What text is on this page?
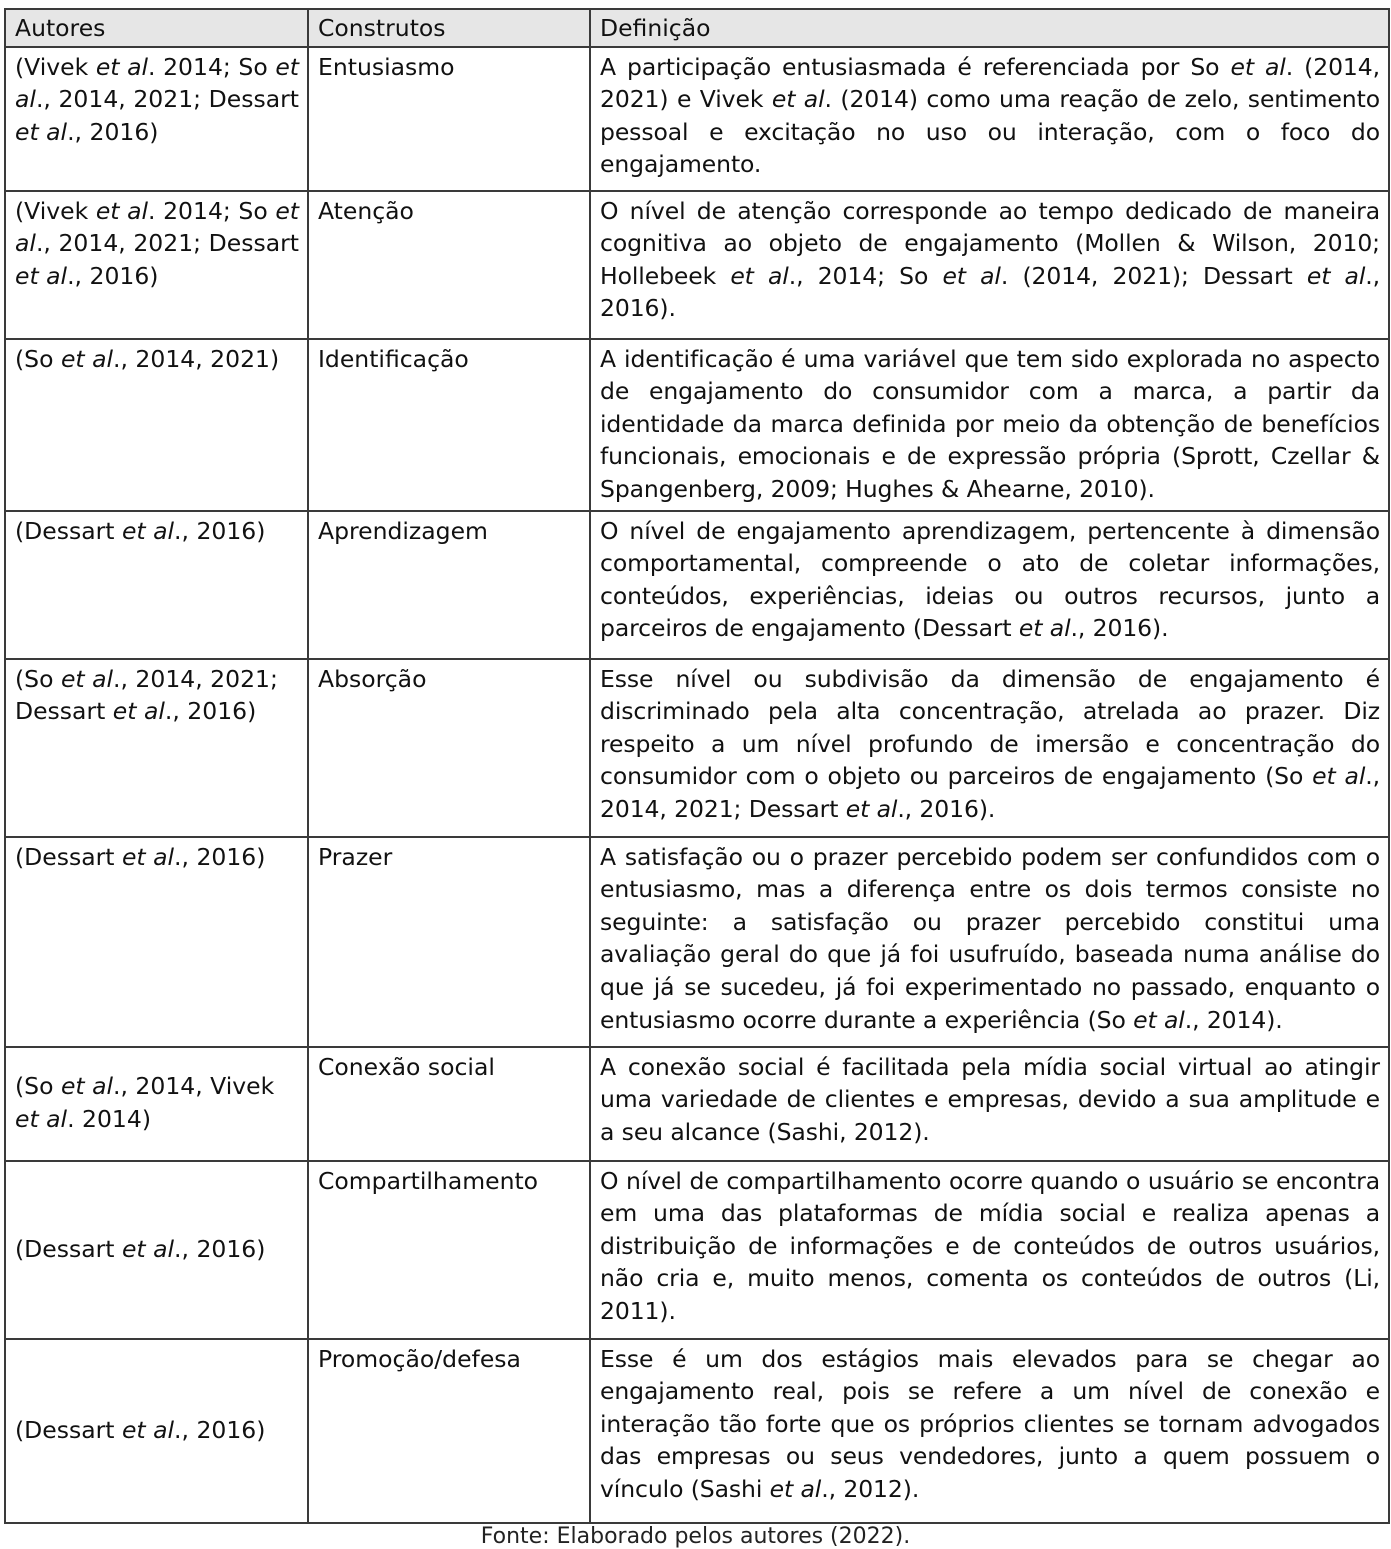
Autores	Construtos	Definição
(Vivek et al. 2014; So et al., 2014, 2021; Dessart et al., 2016)	Entusiasmo	A participação entusiasmada é referenciada por So et al. (2014, 2021) e Vivek et al. (2014) como uma reação de zelo, sentimento pessoal e excitação no uso ou interação, com o foco do engajamento.
(Vivek et al. 2014; So et al., 2014, 2021; Dessart et al., 2016)	Atenção	O nível de atenção corresponde ao tempo dedicado de maneira cognitiva ao objeto de engajamento (Mollen & Wilson, 2010; Hollebeek et al., 2014; So et al. (2014, 2021); Dessart et al., 2016).
(So et al., 2014, 2021)	Identificação	A identificação é uma variável que tem sido explorada no aspecto de engajamento do consumidor com a marca, a partir da identidade da marca definida por meio da obtenção de benefícios funcionais, emocionais e de expressão própria (Sprott, Czellar & Spangenberg, 2009; Hughes & Ahearne, 2010).
(Dessart et al., 2016)	Aprendizagem	O nível de engajamento aprendizagem, pertencente à dimensão comportamental, compreende o ato de coletar informações, conteúdos, experiências, ideias ou outros recursos, junto a parceiros de engajamento (Dessart et al., 2016).
(So et al., 2014, 2021; Dessart et al., 2016)	Absorção	Esse nível ou subdivisão da dimensão de engajamento é discriminado pela alta concentração, atrelada ao prazer. Diz respeito a um nível profundo de imersão e concentração do consumidor com o objeto ou parceiros de engajamento (So et al., 2014, 2021; Dessart et al., 2016).
(Dessart et al., 2016)	Prazer	A satisfação ou o prazer percebido podem ser confundidos com o entusiasmo, mas a diferença entre os dois termos consiste no seguinte: a satisfação ou prazer percebido constitui uma avaliação geral do que já foi usufruído, baseada numa análise do que já se sucedeu, já foi experimentado no passado, enquanto o entusiasmo ocorre durante a experiência (So et al., 2014).
(So et al., 2014, Vivek et al. 2014)	Conexão social	A conexão social é facilitada pela mídia social virtual ao atingir uma variedade de clientes e empresas, devido a sua amplitude e a seu alcance (Sashi, 2012).
(Dessart et al., 2016)	Compartilhamento	O nível de compartilhamento ocorre quando o usuário se encontra em uma das plataformas de mídia social e realiza apenas a distribuição de informações e de conteúdos de outros usuários, não cria e, muito menos, comenta os conteúdos de outros (Li, 2011).
(Dessart et al., 2016)	Promoção/defesa	Esse é um dos estágios mais elevados para se chegar ao engajamento real, pois se refere a um nível de conexão e interação tão forte que os próprios clientes se tornam advogados das empresas ou seus vendedores, junto a quem possuem o vínculo (Sashi et al., 2012).
Fonte: Elaborado pelos autores (2022).
